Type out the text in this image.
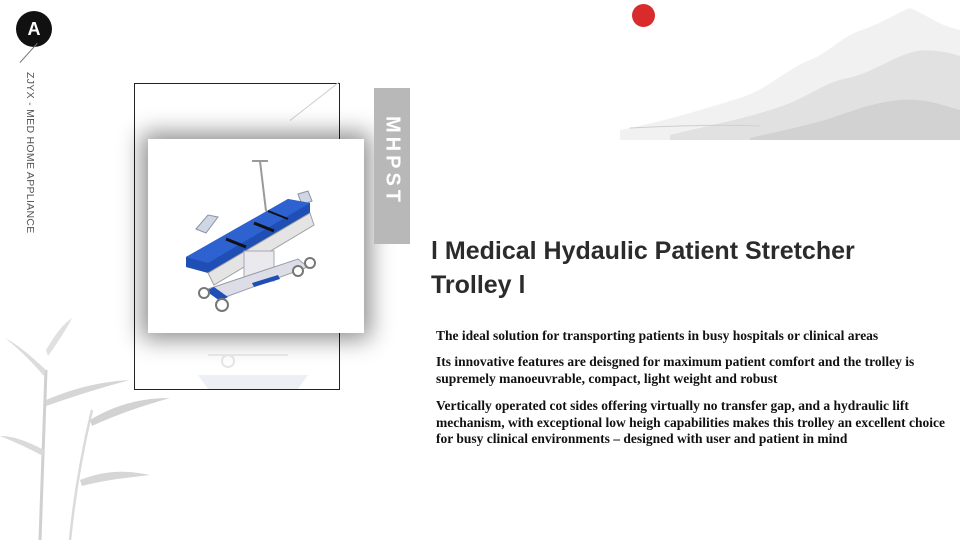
A
ZJYX - MED HOME APPLIANCE	MHPST
l Medical Hydaulic Patient Stretcher Trolley l

The ideal solution for transporting patients in busy hospitals or clinical areas

Its innovative features are deisgned for maximum patient comfort and the trolley is supremely manoeuvrable, compact, light weight and robust

Vertically operated cot sides offering virtually no transfer gap, and a hydraulic lift mechanism, with exceptional low heigh capabilities makes this trolley an excellent choice for busy clinical environments – designed with user and patient in mind
